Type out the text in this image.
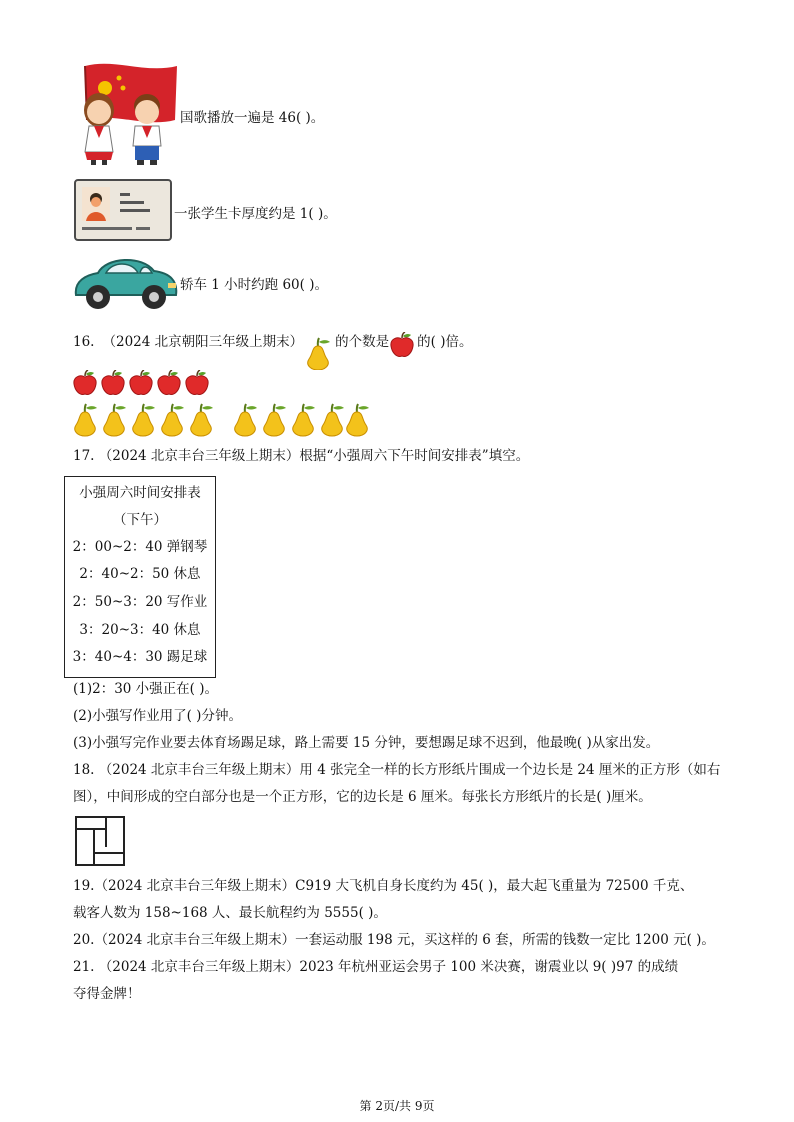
国歌播放一遍是 46( )。
一张学生卡厚度约是 1( )。
轿车 1 小时约跑 60( )。
16. （2024 北京朝阳三年级上期末） 的个数是 的( )倍。
17. （2024 北京丰台三年级上期末）根据“小强周六下午时间安排表”填空。
小强周六时间安排表
（下午）
2：00~2：40 弹钢琴
2：40~2：50 休息
2：50~3：20 写作业
3：20~3：40 休息
3：40~4：30 踢足球
(1)2：30 小强正在( )。
(2)小强写作业用了( )分钟。
(3)小强写完作业要去体育场踢足球，路上需要 15 分钟，要想踢足球不迟到，他最晚( )从家出发。
18. （2024 北京丰台三年级上期末）用 4 张完全一样的长方形纸片围成一个边长是 24 厘米的正方形（如右
图），中间形成的空白部分也是一个正方形，它的边长是 6 厘米。每张长方形纸片的长是( )厘米。
19.（2024 北京丰台三年级上期末）C919 大飞机自身长度约为 45( )，最大起飞重量为 72500 千克、
载客人数为 158~168 人、最长航程约为 5555( )。
20.（2024 北京丰台三年级上期末）一套运动服 198 元，买这样的 6 套，所需的钱数一定比 1200 元( )。
21. （2024 北京丰台三年级上期末）2023 年杭州亚运会男子 100 米决赛，谢震业以 9( )97 的成绩
夺得金牌！
第 2页/共 9页
